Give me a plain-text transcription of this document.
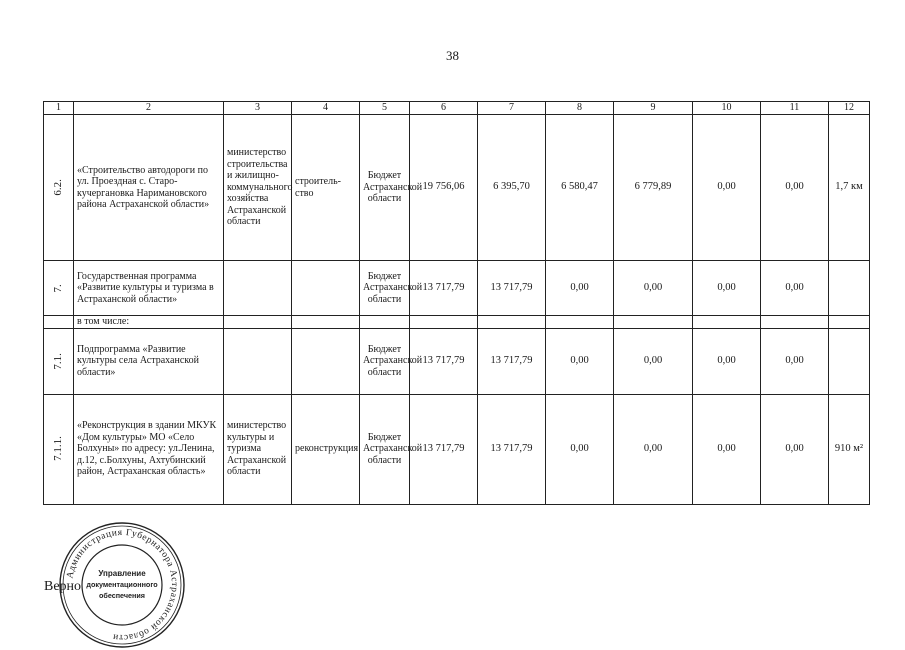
38
1	2	3	4	5	6	7	8	9	10	11	12

6.2.	«Строительство автодороги по ул. Проездная с. Старо-кучергановка Наримановского района Астраханской области»	министерство строительства и жилищно-коммунального хозяйства Астраханской области	строитель-ство	Бюджет Астраханской области	19 756,06	6 395,70	6 580,47	6 779,89	0,00	0,00	1,7 км

7.	Государственная программа «Развитие культуры и туризма в Астраханской области»			Бюджет Астраханской области	13 717,79	13 717,79	0,00	0,00	0,00	0,00	
	в том числе:										

7.1.	Подпрограмма «Развитие культуры села Астраханской области»			Бюджет Астраханской области	13 717,79	13 717,79	0,00	0,00	0,00	0,00	

7.1.1.	«Реконструкция в здании МКУК «Дом культуры» МО «Село Болхуны» по адресу: ул.Ленина, д.12, с.Болхуны, Ахтубинский район, Астраханская область»	министерство культуры и туризма Астраханской области	реконструкция	Бюджет Астраханской области	13 717,79	13 717,79	0,00	0,00	0,00	0,00	910 м²
Верно
Администрация Губернатора Астраханской области
Управление
документационного
обеспечения
